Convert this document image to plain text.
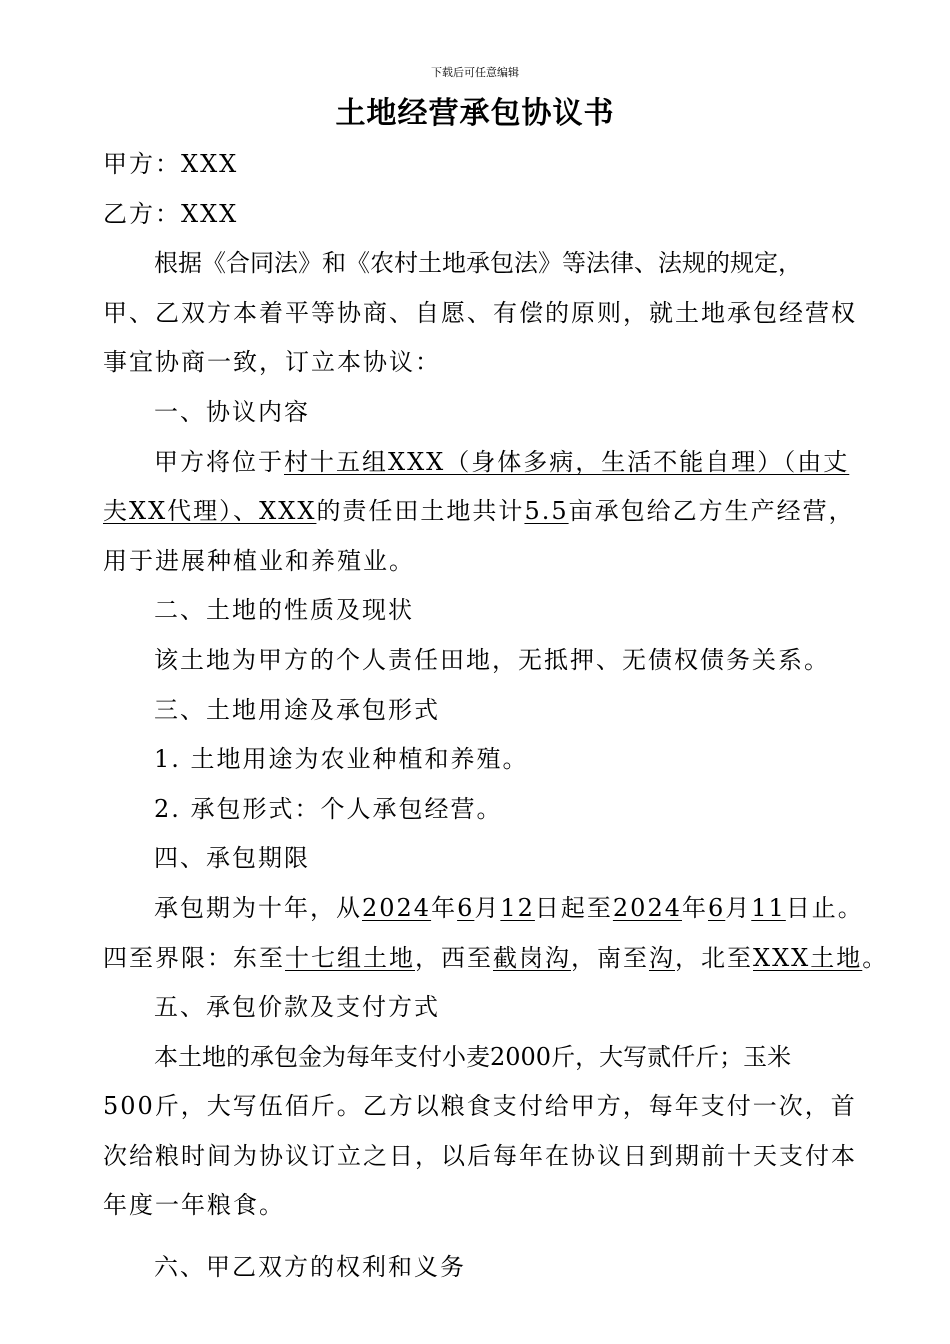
下载后可任意编辑
土地经营承包协议书
甲方：XXX
乙方：XXX
根据《合同法》和《农村土地承包法》等法律、法规的规定，
甲、乙双方本着平等协商、自愿、有偿的原则，就土地承包经营权
事宜协商一致，订立本协议：
一、协议内容
甲方将位于村十五组XXX（身体多病，生活不能自理）（由丈
夫XX代理）、XXX的责任田土地共计5.5亩承包给乙方生产经营，
用于进展种植业和养殖业。
二、土地的性质及现状
该土地为甲方的个人责任田地，无抵押、无债权债务关系。
三、土地用途及承包形式
1. 土地用途为农业种植和养殖。
2. 承包形式：个人承包经营。
四、承包期限
承包期为十年，从2024年6月12日起至2024年6月11日止。
四至界限：东至十七组土地，西至截岗沟，南至沟，北至XXX土地。
五、承包价款及支付方式
本土地的承包金为每年支付小麦2000斤，大写贰仟斤；玉米
500斤，大写伍佰斤。乙方以粮食支付给甲方，每年支付一次，首
次给粮时间为协议订立之日，以后每年在协议日到期前十天支付本
年度一年粮食。
六、甲乙双方的权利和义务
